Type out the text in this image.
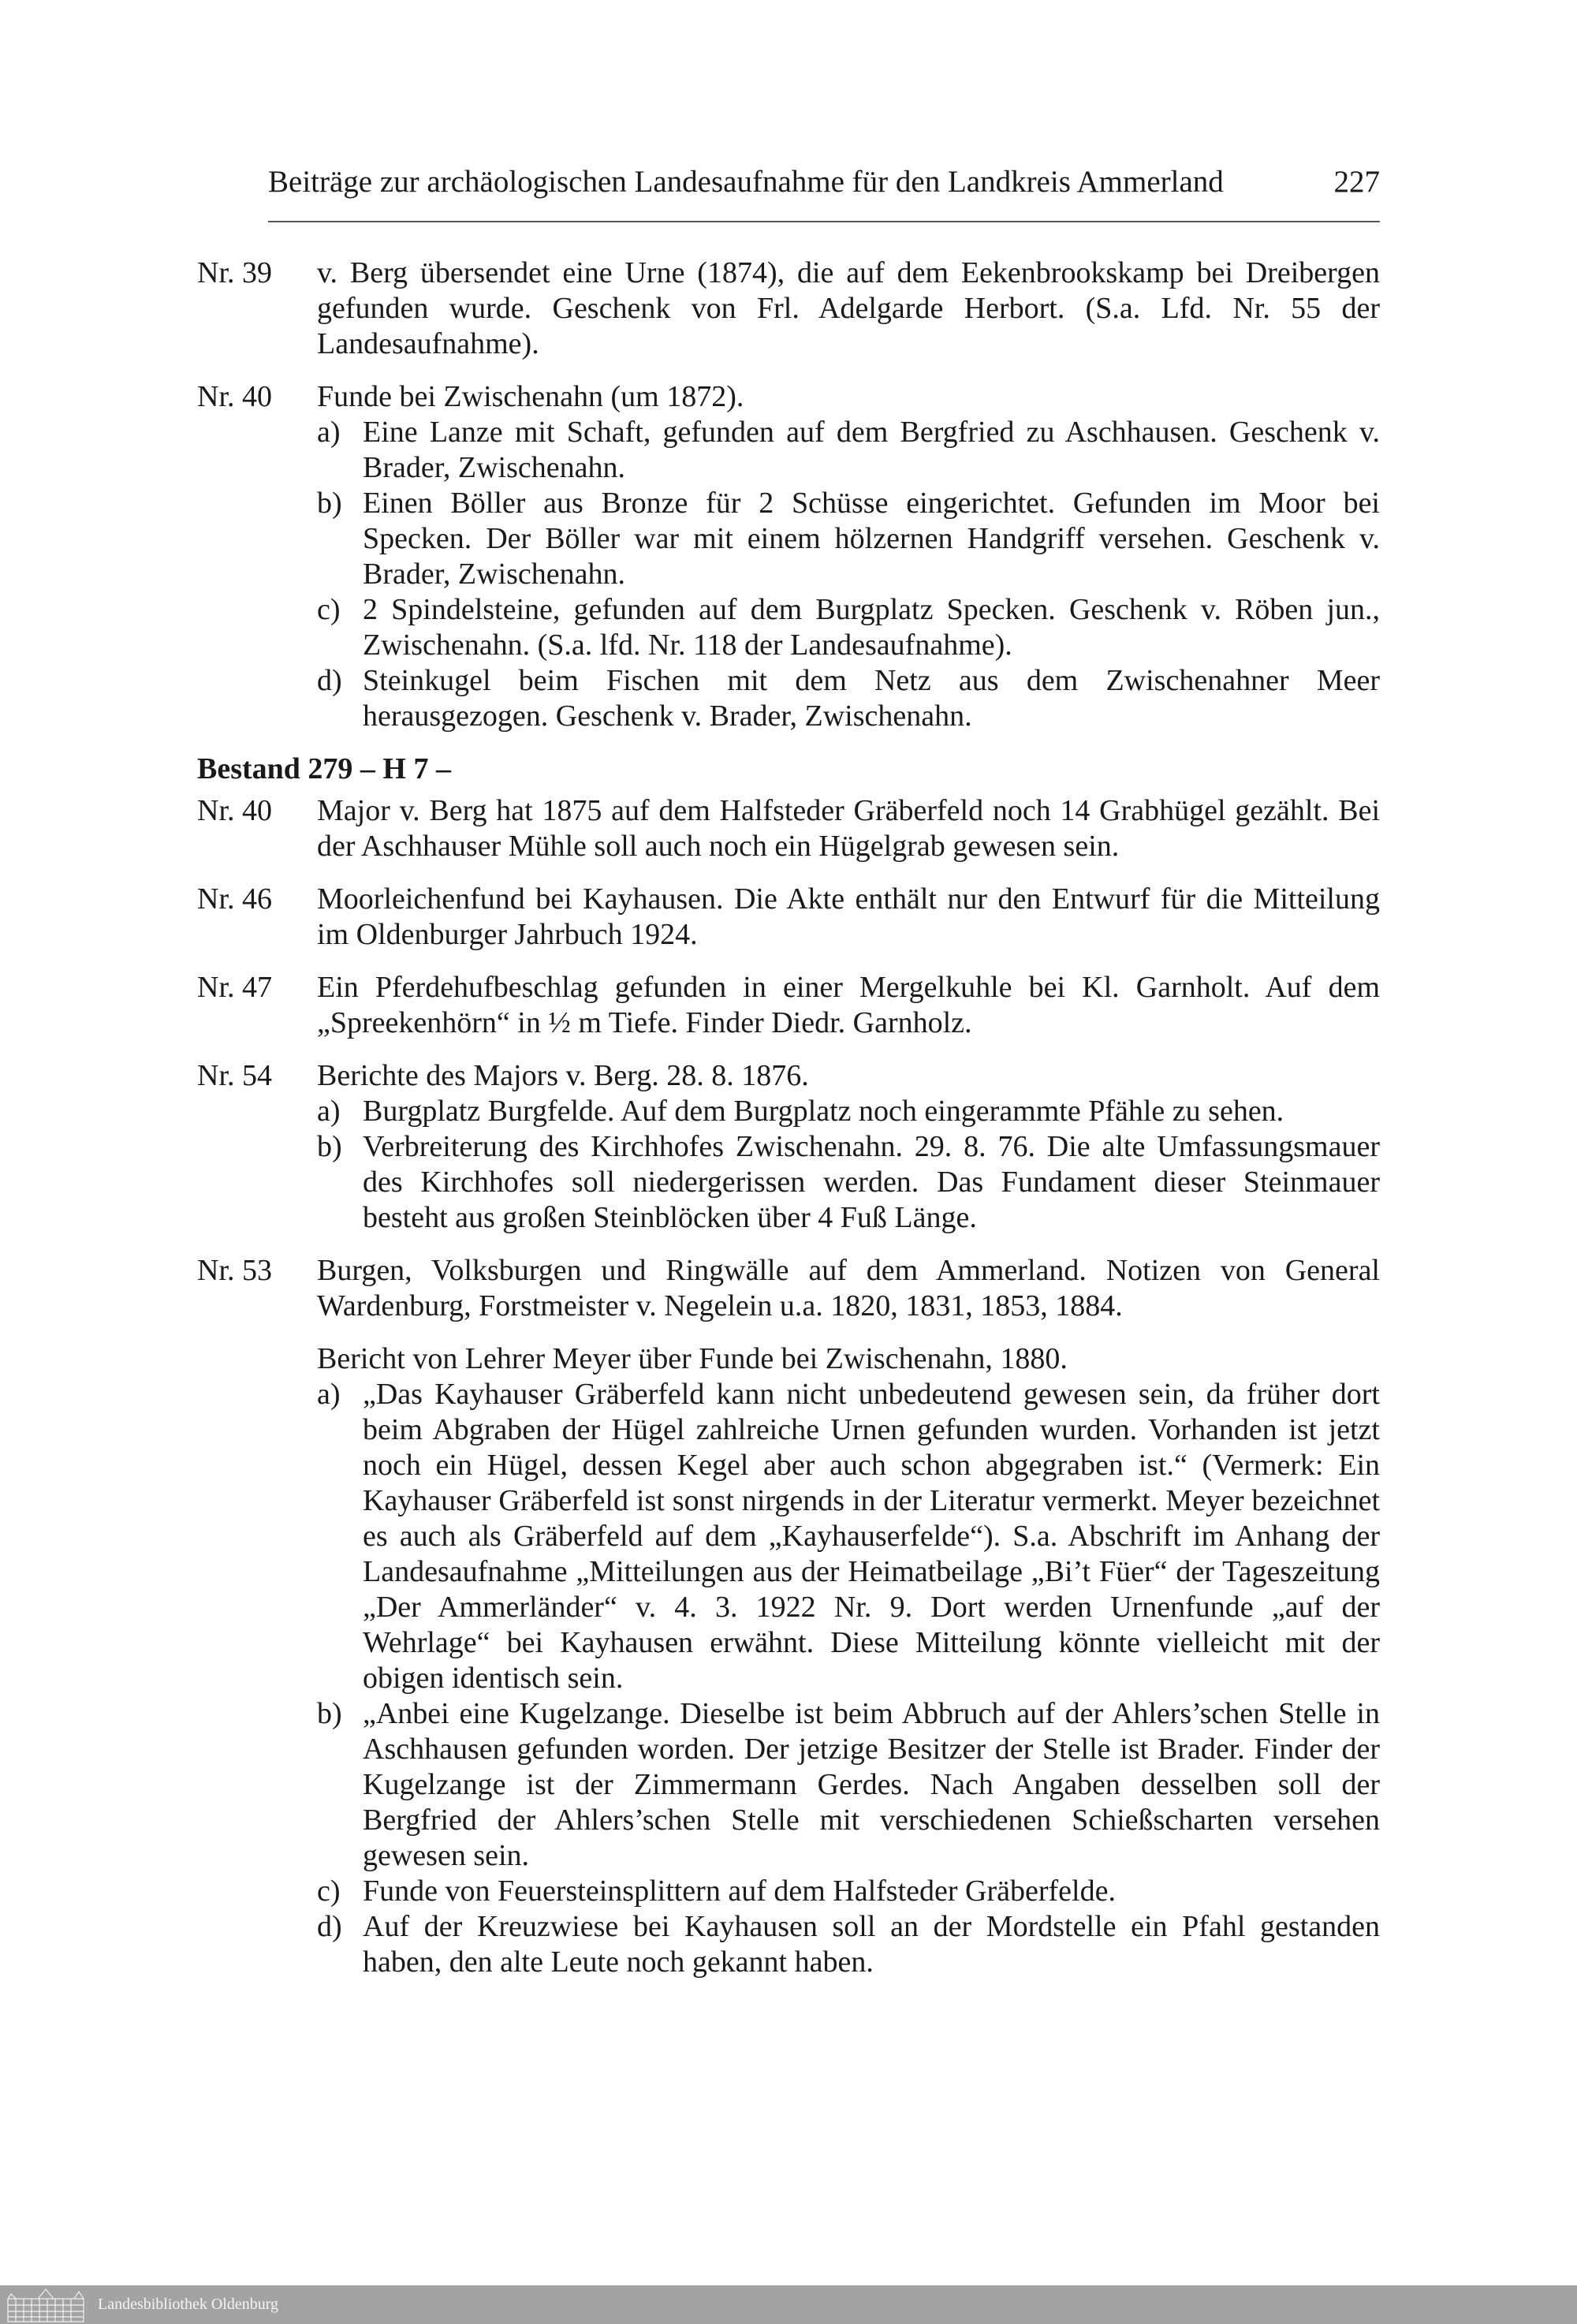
Beiträge zur archäologischen Landesaufnahme für den Landkreis Ammerland	227
Nr. 39	v. Berg übersendet eine Urne (1874), die auf dem Eekenbrookskamp bei Dreibergen gefunden wurde. Geschenk von Frl. Adelgarde Herbort. (S.a. Lfd. Nr. 55 der Landesaufnahme).
Nr. 40	Funde bei Zwischenahn (um 1872).
a) Eine Lanze mit Schaft, gefunden auf dem Bergfried zu Aschhausen. Geschenk v. Brader, Zwischenahn.
b) Einen Böller aus Bronze für 2 Schüsse eingerichtet. Gefunden im Moor bei Specken. Der Böller war mit einem hölzernen Handgriff versehen. Geschenk v. Brader, Zwischenahn.
c) 2 Spindelsteine, gefunden auf dem Burgplatz Specken. Geschenk v. Röben jun., Zwischenahn. (S.a. lfd. Nr. 118 der Landesaufnahme).
d) Steinkugel beim Fischen mit dem Netz aus dem Zwischenahner Meer herausgezogen. Geschenk v. Brader, Zwischenahn.
Bestand 279 – H 7 –
Nr. 40	Major v. Berg hat 1875 auf dem Halfsteder Gräberfeld noch 14 Grabhügel gezählt. Bei der Aschhauser Mühle soll auch noch ein Hügelgrab gewesen sein.
Nr. 46	Moorleichenfund bei Kayhausen. Die Akte enthält nur den Entwurf für die Mitteilung im Oldenburger Jahrbuch 1924.
Nr. 47	Ein Pferdehufbeschlag gefunden in einer Mergelkuhle bei Kl. Garnholt. Auf dem „Spreekenhörn“ in ½ m Tiefe. Finder Diedr. Garnholz.
Nr. 54	Berichte des Majors v. Berg. 28. 8. 1876.
a) Burgplatz Burgfelde. Auf dem Burgplatz noch eingerammte Pfähle zu sehen.
b) Verbreiterung des Kirchhofes Zwischenahn. 29. 8. 76. Die alte Umfassungsmauer des Kirchhofes soll niedergerissen werden. Das Fundament dieser Steinmauer besteht aus großen Steinblöcken über 4 Fuß Länge.
Nr. 53	Burgen, Volksburgen und Ringwälle auf dem Ammerland. Notizen von General Wardenburg, Forstmeister v. Negelein u.a. 1820, 1831, 1853, 1884.
Bericht von Lehrer Meyer über Funde bei Zwischenahn, 1880.
a) „Das Kayhauser Gräberfeld kann nicht unbedeutend gewesen sein, da früher dort beim Abgraben der Hügel zahlreiche Urnen gefunden wurden. Vorhanden ist jetzt noch ein Hügel, dessen Kegel aber auch schon abgegraben ist.“ (Vermerk: Ein Kayhauser Gräberfeld ist sonst nirgends in der Literatur vermerkt. Meyer bezeichnet es auch als Gräberfeld auf dem „Kayhauserfelde“). S.a. Abschrift im Anhang der Landesaufnahme „Mitteilungen aus der Heimatbeilage „Bi’t Füer“ der Tageszeitung „Der Ammerländer“ v. 4. 3. 1922 Nr. 9. Dort werden Urnenfunde „auf der Wehrlage“ bei Kayhausen erwähnt. Diese Mitteilung könnte vielleicht mit der obigen identisch sein.
b) „Anbei eine Kugelzange. Dieselbe ist beim Abbruch auf der Ahlers’schen Stelle in Aschhausen gefunden worden. Der jetzige Besitzer der Stelle ist Brader. Finder der Kugelzange ist der Zimmermann Gerdes. Nach Angaben desselben soll der Bergfried der Ahlers’schen Stelle mit verschiedenen Schießscharten versehen gewesen sein.
c) Funde von Feuersteinsplittern auf dem Halfsteder Gräberfelde.
d) Auf der Kreuzwiese bei Kayhausen soll an der Mordstelle ein Pfahl gestanden haben, den alte Leute noch gekannt haben.
Landesbibliothek Oldenburg
